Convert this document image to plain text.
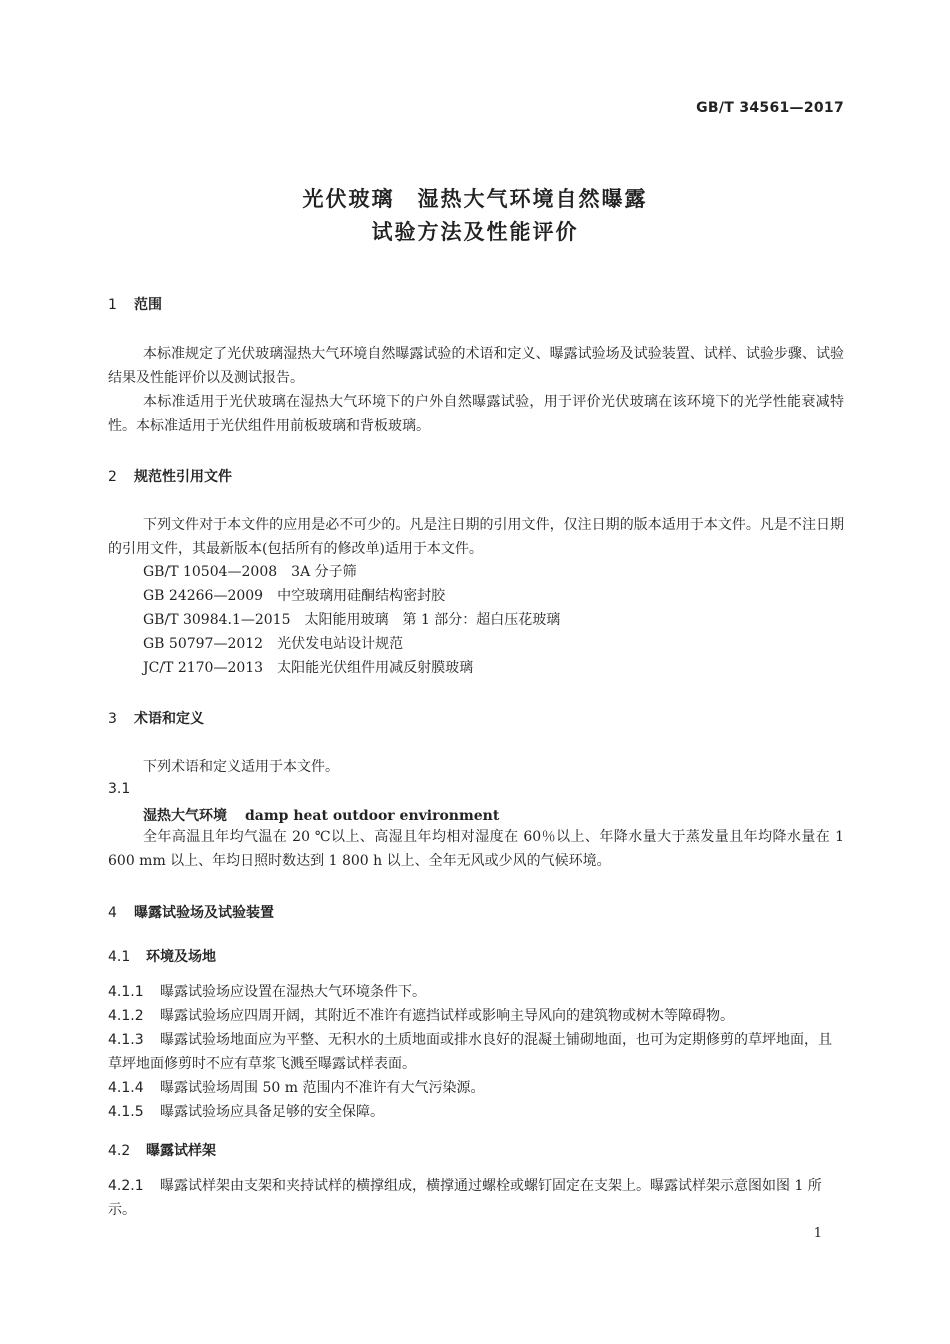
GB/T 34561—2017
光伏玻璃　湿热大气环境自然曝露
试验方法及性能评价
1 范围
本标准规定了光伏玻璃湿热大气环境自然曝露试验的术语和定义、曝露试验场及试验装置、试样、试验步骤、试验结果及性能评价以及测试报告。
本标准适用于光伏玻璃在湿热大气环境下的户外自然曝露试验，用于评价光伏玻璃在该环境下的光学性能衰减特性。本标准适用于光伏组件用前板玻璃和背板玻璃。
2 规范性引用文件
下列文件对于本文件的应用是必不可少的。凡是注日期的引用文件，仅注日期的版本适用于本文件。凡是不注日期的引用文件，其最新版本(包括所有的修改单)适用于本文件。
GB/T 10504—2008 3A 分子筛
GB 24266—2009 中空玻璃用硅酮结构密封胶
GB/T 30984.1—2015 太阳能用玻璃　第 1 部分：超白压花玻璃
GB 50797—2012 光伏发电站设计规范
JC/T 2170—2013 太阳能光伏组件用减反射膜玻璃
3 术语和定义
下列术语和定义适用于本文件。
3.1
湿热大气环境 damp heat outdoor environment
全年高温且年均气温在 20 ℃以上、高湿且年均相对湿度在 60％以上、年降水量大于蒸发量且年均降水量在 1 600 mm 以上、年均日照时数达到 1 800 h 以上、全年无风或少风的气候环境。
4 曝露试验场及试验装置
4.1 环境及场地
4.1.1 曝露试验场应设置在湿热大气环境条件下。
4.1.2 曝露试验场应四周开阔，其附近不准许有遮挡试样或影响主导风向的建筑物或树木等障碍物。
4.1.3 曝露试验场地面应为平整、无积水的土质地面或排水良好的混凝土铺砌地面，也可为定期修剪的草坪地面，且草坪地面修剪时不应有草浆飞溅至曝露试样表面。
4.1.4 曝露试验场周围 50 m 范围内不准许有大气污染源。
4.1.5 曝露试验场应具备足够的安全保障。
4.2 曝露试样架
4.2.1 曝露试样架由支架和夹持试样的横撑组成，横撑通过螺栓或螺钉固定在支架上。曝露试样架示意图如图 1 所示。
1
